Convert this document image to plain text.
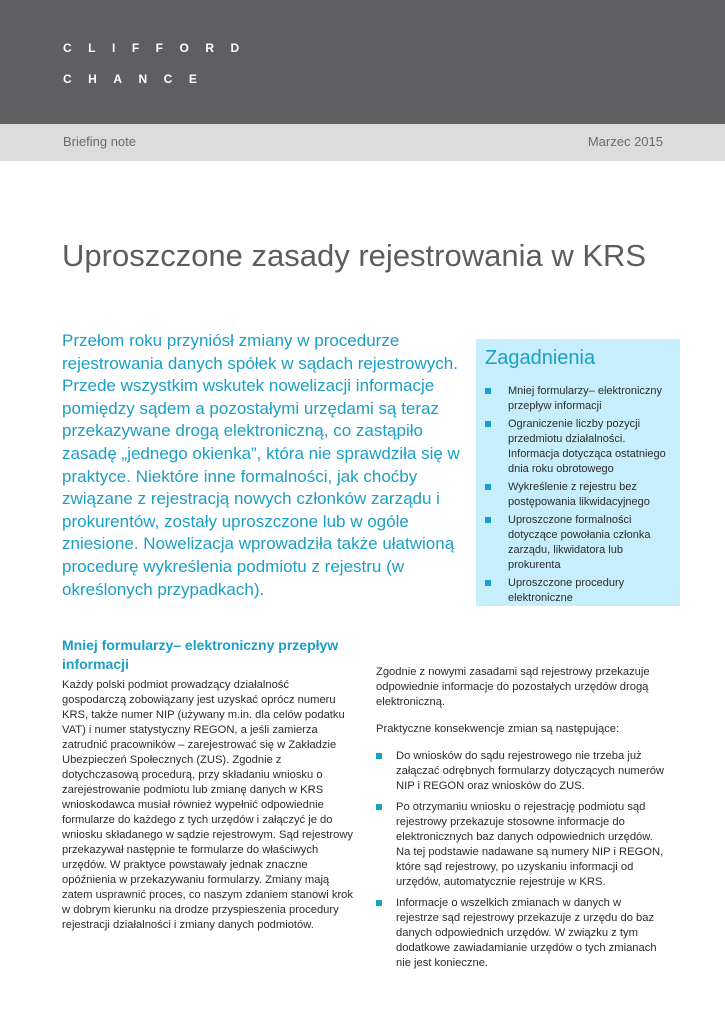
CLIFFORD
CHANCE
Briefing note	Marzec 2015
Uproszczone zasady rejestrowania w KRS

Przełom roku przyniósł zmiany w procedurze rejestrowania danych spółek w sądach rejestrowych. Przede wszystkim wskutek nowelizacji informacje pomiędzy sądem a pozostałymi urzędami są teraz przekazywane drogą elektroniczną, co zastąpiło zasadę „jednego okienka”, która nie sprawdziła się w praktyce. Niektóre inne formalności, jak choćby związane z rejestracją nowych członków zarządu i prokurentów, zostały uproszczone lub w ogóle zniesione. Nowelizacja wprowadziła także ułatwioną procedurę wykreślenia podmiotu z rejestru (w określonych przypadkach).

Zagadnienia
Mniej formularzy– elektroniczny przepływ informacji
Ograniczenie liczby pozycji przedmiotu działalności. Informacja dotycząca ostatniego dnia roku obrotowego
Wykreślenie z rejestru bez postępowania likwidacyjnego
Uproszczone formalności dotyczące powołania członka zarządu, likwidatora lub prokurenta
Uproszczone procedury elektroniczne
Mniej formularzy– elektroniczny przepływ informacji

Każdy polski podmiot prowadzący działalność gospodarczą zobowiązany jest uzyskać oprócz numeru KRS, także numer NIP (używany m.in. dla celów podatku VAT) i numer statystyczny REGON, a jeśli zamierza zatrudnić pracowników – zarejestrować się w Zakładzie Ubezpieczeń Społecznych (ZUS). Zgodnie z dotychczasową procedurą, przy składaniu wniosku o zarejestrowanie podmiotu lub zmianę danych w KRS wnioskodawca musiał również wypełnić odpowiednie formularze do każdego z tych urzędów i załączyć je do wniosku składanego w sądzie rejestrowym. Sąd rejestrowy przekazywał następnie te formularze do właściwych urzędów. W praktyce powstawały jednak znaczne opóźnienia w przekazywaniu formularzy. Zmiany mają zatem usprawnić proces, co naszym zdaniem stanowi krok w dobrym kierunku na drodze przyspieszenia procedury rejestracji działalności i zmiany danych podmiotów.

Zgodnie z nowymi zasadami sąd rejestrowy przekazuje odpowiednie informacje do pozostałych urzędów drogą elektroniczną.

Praktyczne konsekwencje zmian są następujące:

Do wniosków do sądu rejestrowego nie trzeba już załączać odrębnych formularzy dotyczących numerów NIP i REGON oraz wniosków do ZUS.
Po otrzymaniu wniosku o rejestrację podmiotu sąd rejestrowy przekazuje stosowne informacje do elektronicznych baz danych odpowiednich urzędów. Na tej podstawie nadawane są numery NIP i REGON, które sąd rejestrowy, po uzyskaniu informacji od urzędów, automatycznie rejestruje w KRS.
Informacje o wszelkich zmianach w danych w rejestrze sąd rejestrowy przekazuje z urzędu do baz danych odpowiednich urzędów. W związku z tym dodatkowe zawiadamianie urzędów o tych zmianach nie jest konieczne.
